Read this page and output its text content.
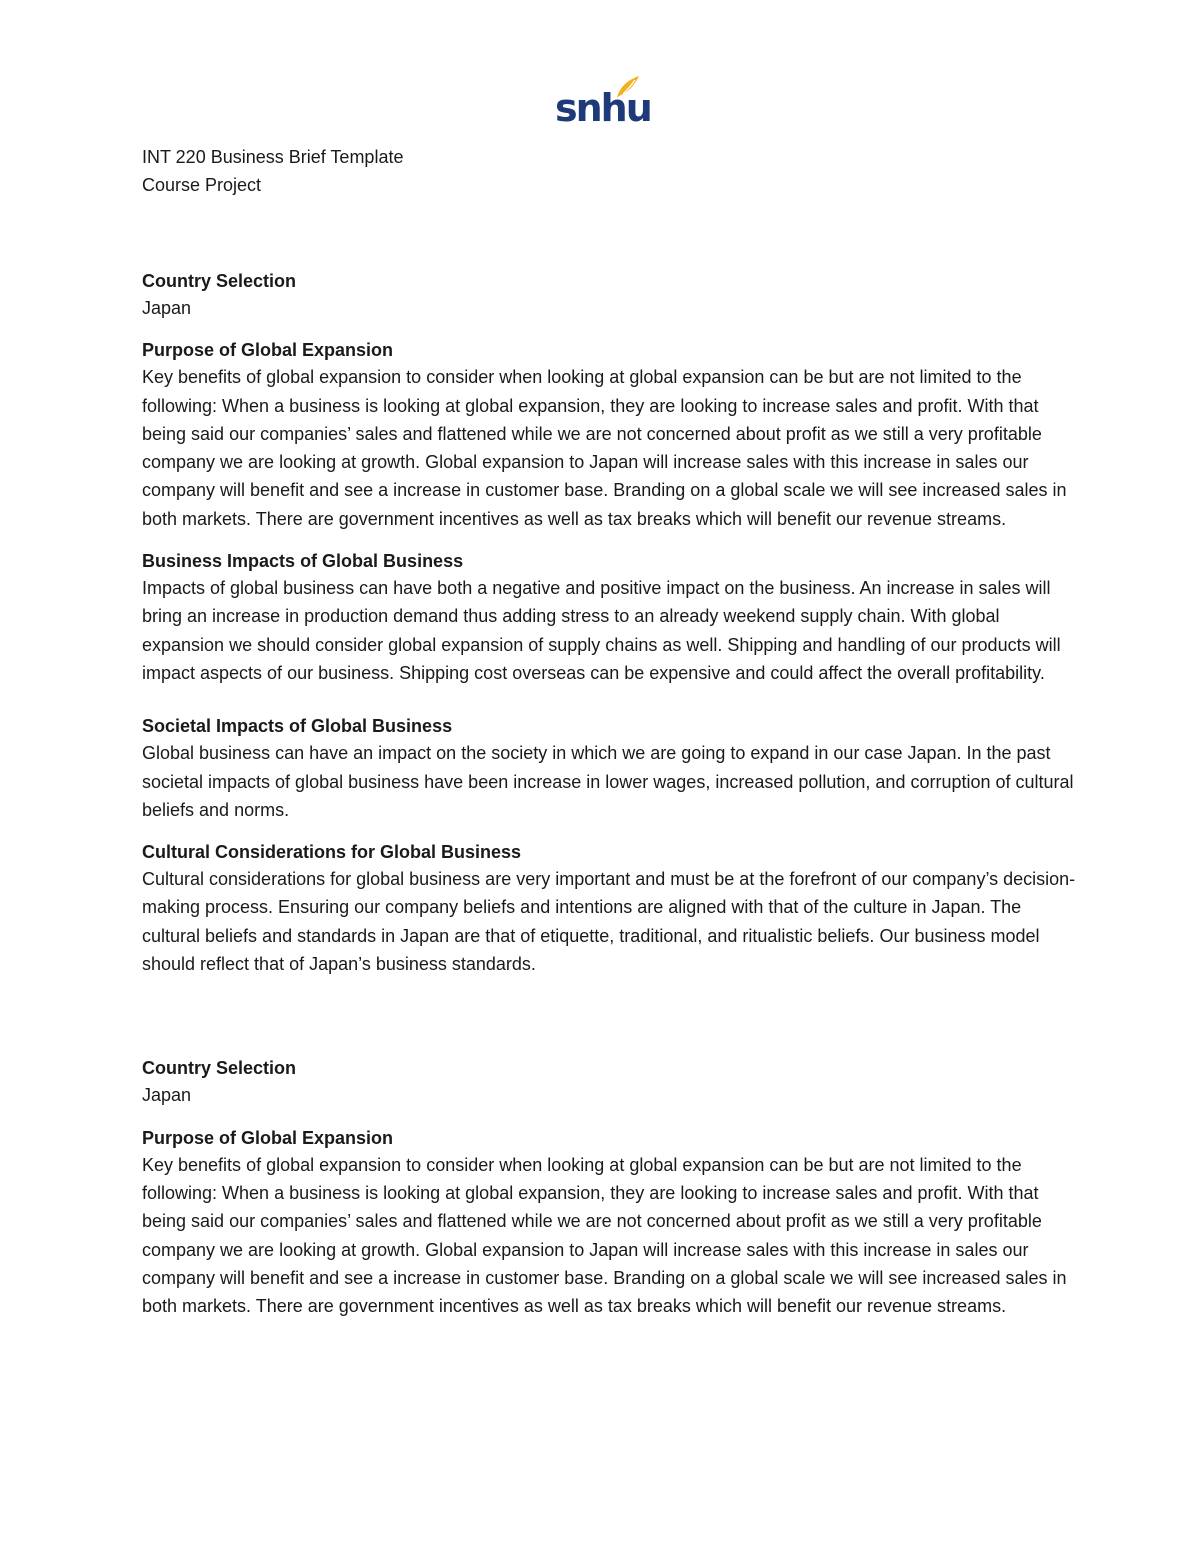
snhu
INT 220 Business Brief Template
Course Project
Country Selection

Japan

Purpose of Global Expansion

Key benefits of global expansion to consider when looking at global expansion can be but are not limited to the following: When a business is looking at global expansion, they are looking to increase sales and profit. With that being said our companies’ sales and flattened while we are not concerned about profit as we still a very profitable company we are looking at growth. Global expansion to Japan will increase sales with this increase in sales our company will benefit and see a increase in customer base. Branding on a global scale we will see increased sales in both markets. There are government incentives as well as tax breaks which will benefit our revenue streams.

Business Impacts of Global Business

Impacts of global business can have both a negative and positive impact on the business. An increase in sales will bring an increase in production demand thus adding stress to an already weekend supply chain. With global expansion we should consider global expansion of supply chains as well. Shipping and handling of our products will impact aspects of our business. Shipping cost overseas can be expensive and could affect the overall profitability.

Societal Impacts of Global Business

Global business can have an impact on the society in which we are going to expand in our case Japan. In the past societal impacts of global business have been increase in lower wages, increased pollution, and corruption of cultural beliefs and norms.

Cultural Considerations for Global Business

Cultural considerations for global business are very important and must be at the forefront of our company’s decision-making process. Ensuring our company beliefs and intentions are aligned with that of the culture in Japan. The cultural beliefs and standards in Japan are that of etiquette, traditional, and ritualistic beliefs. Our business model should reflect that of Japan’s business standards.

Country Selection

Japan

Purpose of Global Expansion

Key benefits of global expansion to consider when looking at global expansion can be but are not limited to the following: When a business is looking at global expansion, they are looking to increase sales and profit. With that being said our companies’ sales and flattened while we are not concerned about profit as we still a very profitable company we are looking at growth. Global expansion to Japan will increase sales with this increase in sales our company will benefit and see a increase in customer base. Branding on a global scale we will see increased sales in both markets. There are government incentives as well as tax breaks which will benefit our revenue streams.
